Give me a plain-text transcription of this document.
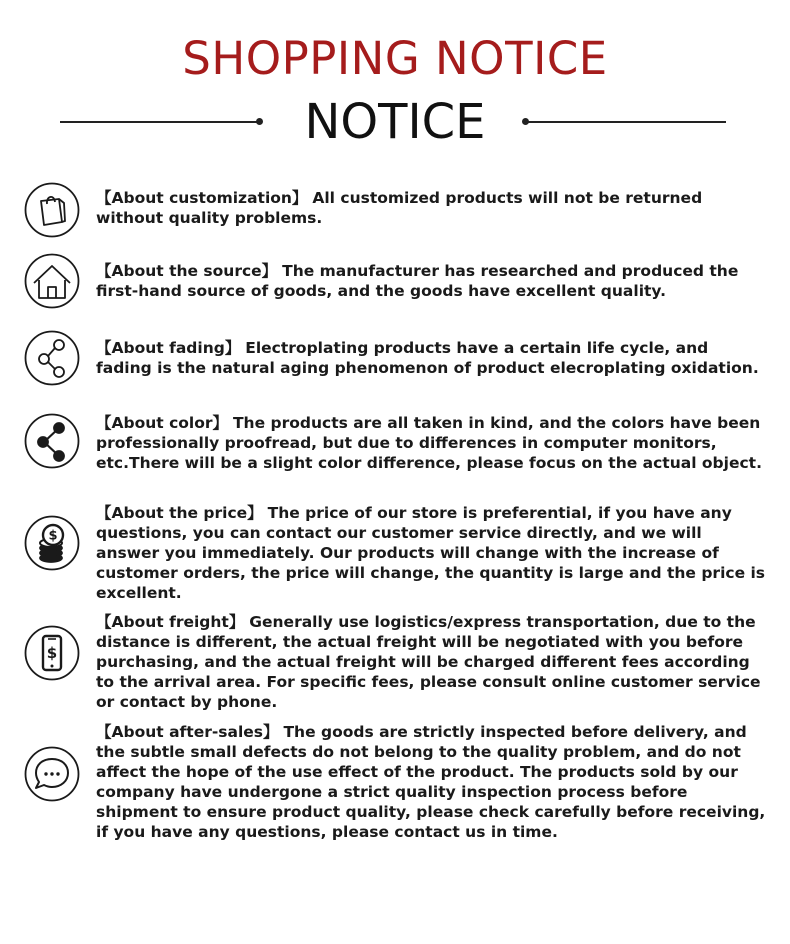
SHOPPING NOTICE
NOTICE

【About customization】 All customized products will not be returned without quality problems.

【About the source】 The manufacturer has researched and produced the first-hand source of goods, and the goods have excellent quality.

【About fading】 Electroplating products have a certain life cycle, and fading is the natural aging phenomenon of product elecroplating oxidation.

【About color】 The products are all taken in kind, and the colors have been professionally proofread, but due to differences in computer monitors, etc.There will be a slight color difference, please focus on the actual object.

$

【About the price】 The price of our store is preferential, if you have any questions, you can contact our customer service directly, and we will answer you immediately. Our products will change with the increase of customer orders, the price will change, the quantity is large and the price is excellent.

$

【About freight】 Generally use logistics/express transportation, due to the distance is different, the actual freight will be negotiated with you before purchasing, and the actual freight will be charged different fees according to the arrival area. For specific fees, please consult online customer service or contact by phone.

【About after-sales】 The goods are strictly inspected before delivery, and the subtle small defects do not belong to the quality problem, and do not affect the hope of the use effect of the product. The products sold by our company have undergone a strict quality inspection process before shipment to ensure product quality, please check carefully before receiving, if you have any questions, please contact us in time.
